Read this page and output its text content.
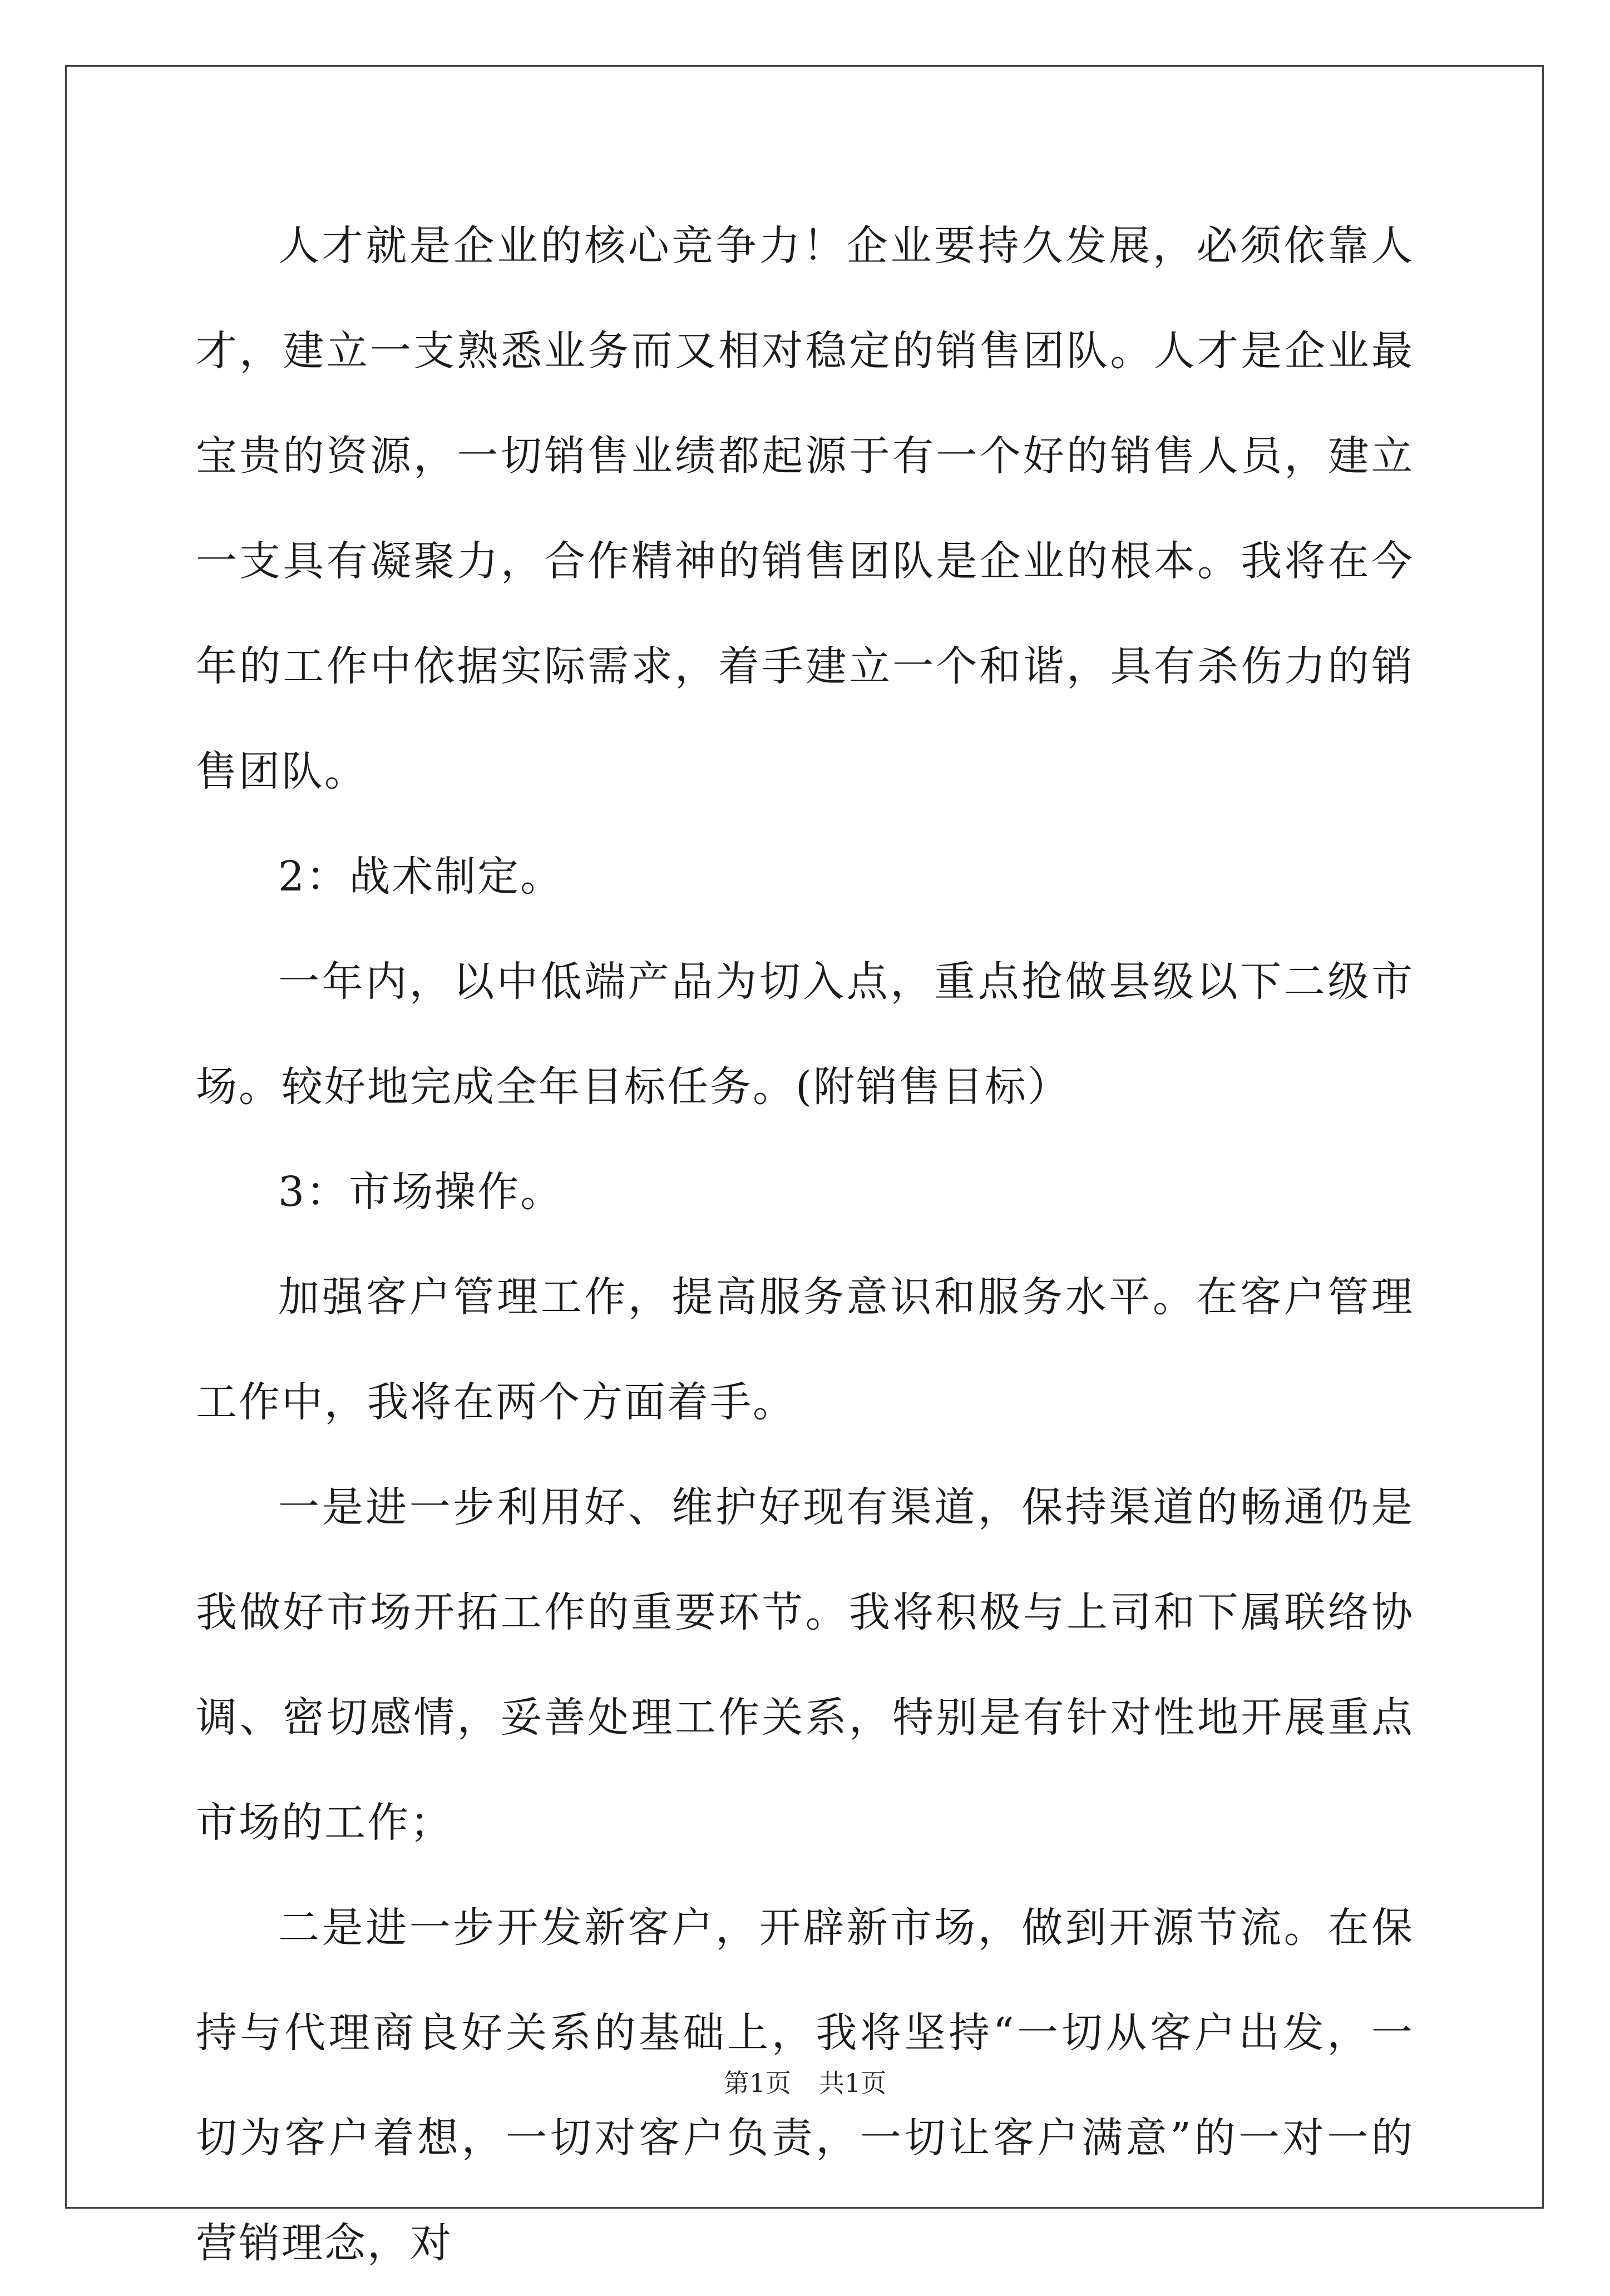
人才就是企业的核心竞争力！企业要持久发展，必须依靠人才，建立一支熟悉业务而又相对稳定的销售团队。人才是企业最宝贵的资源，一切销售业绩都起源于有一个好的销售人员，建立一支具有凝聚力，合作精神的销售团队是企业的根本。我将在今年的工作中依据实际需求，着手建立一个和谐，具有杀伤力的销售团队。

2：战术制定。

一年内，以中低端产品为切入点，重点抢做县级以下二级市场。较好地完成全年目标任务。(附销售目标）

3：市场操作。

加强客户管理工作，提高服务意识和服务水平。在客户管理工作中，我将在两个方面着手。

一是进一步利用好、维护好现有渠道，保持渠道的畅通仍是我做好市场开拓工作的重要环节。我将积极与上司和下属联络协调、密切感情，妥善处理工作关系，特别是有针对性地开展重点市场的工作；

二是进一步开发新客户，开辟新市场，做到开源节流。在保持与代理商良好关系的基础上，我将坚持“一切从客户出发，一切为客户着想，一切对客户负责，一切让客户满意”的一对一的营销理念，对

第1页 共1页
